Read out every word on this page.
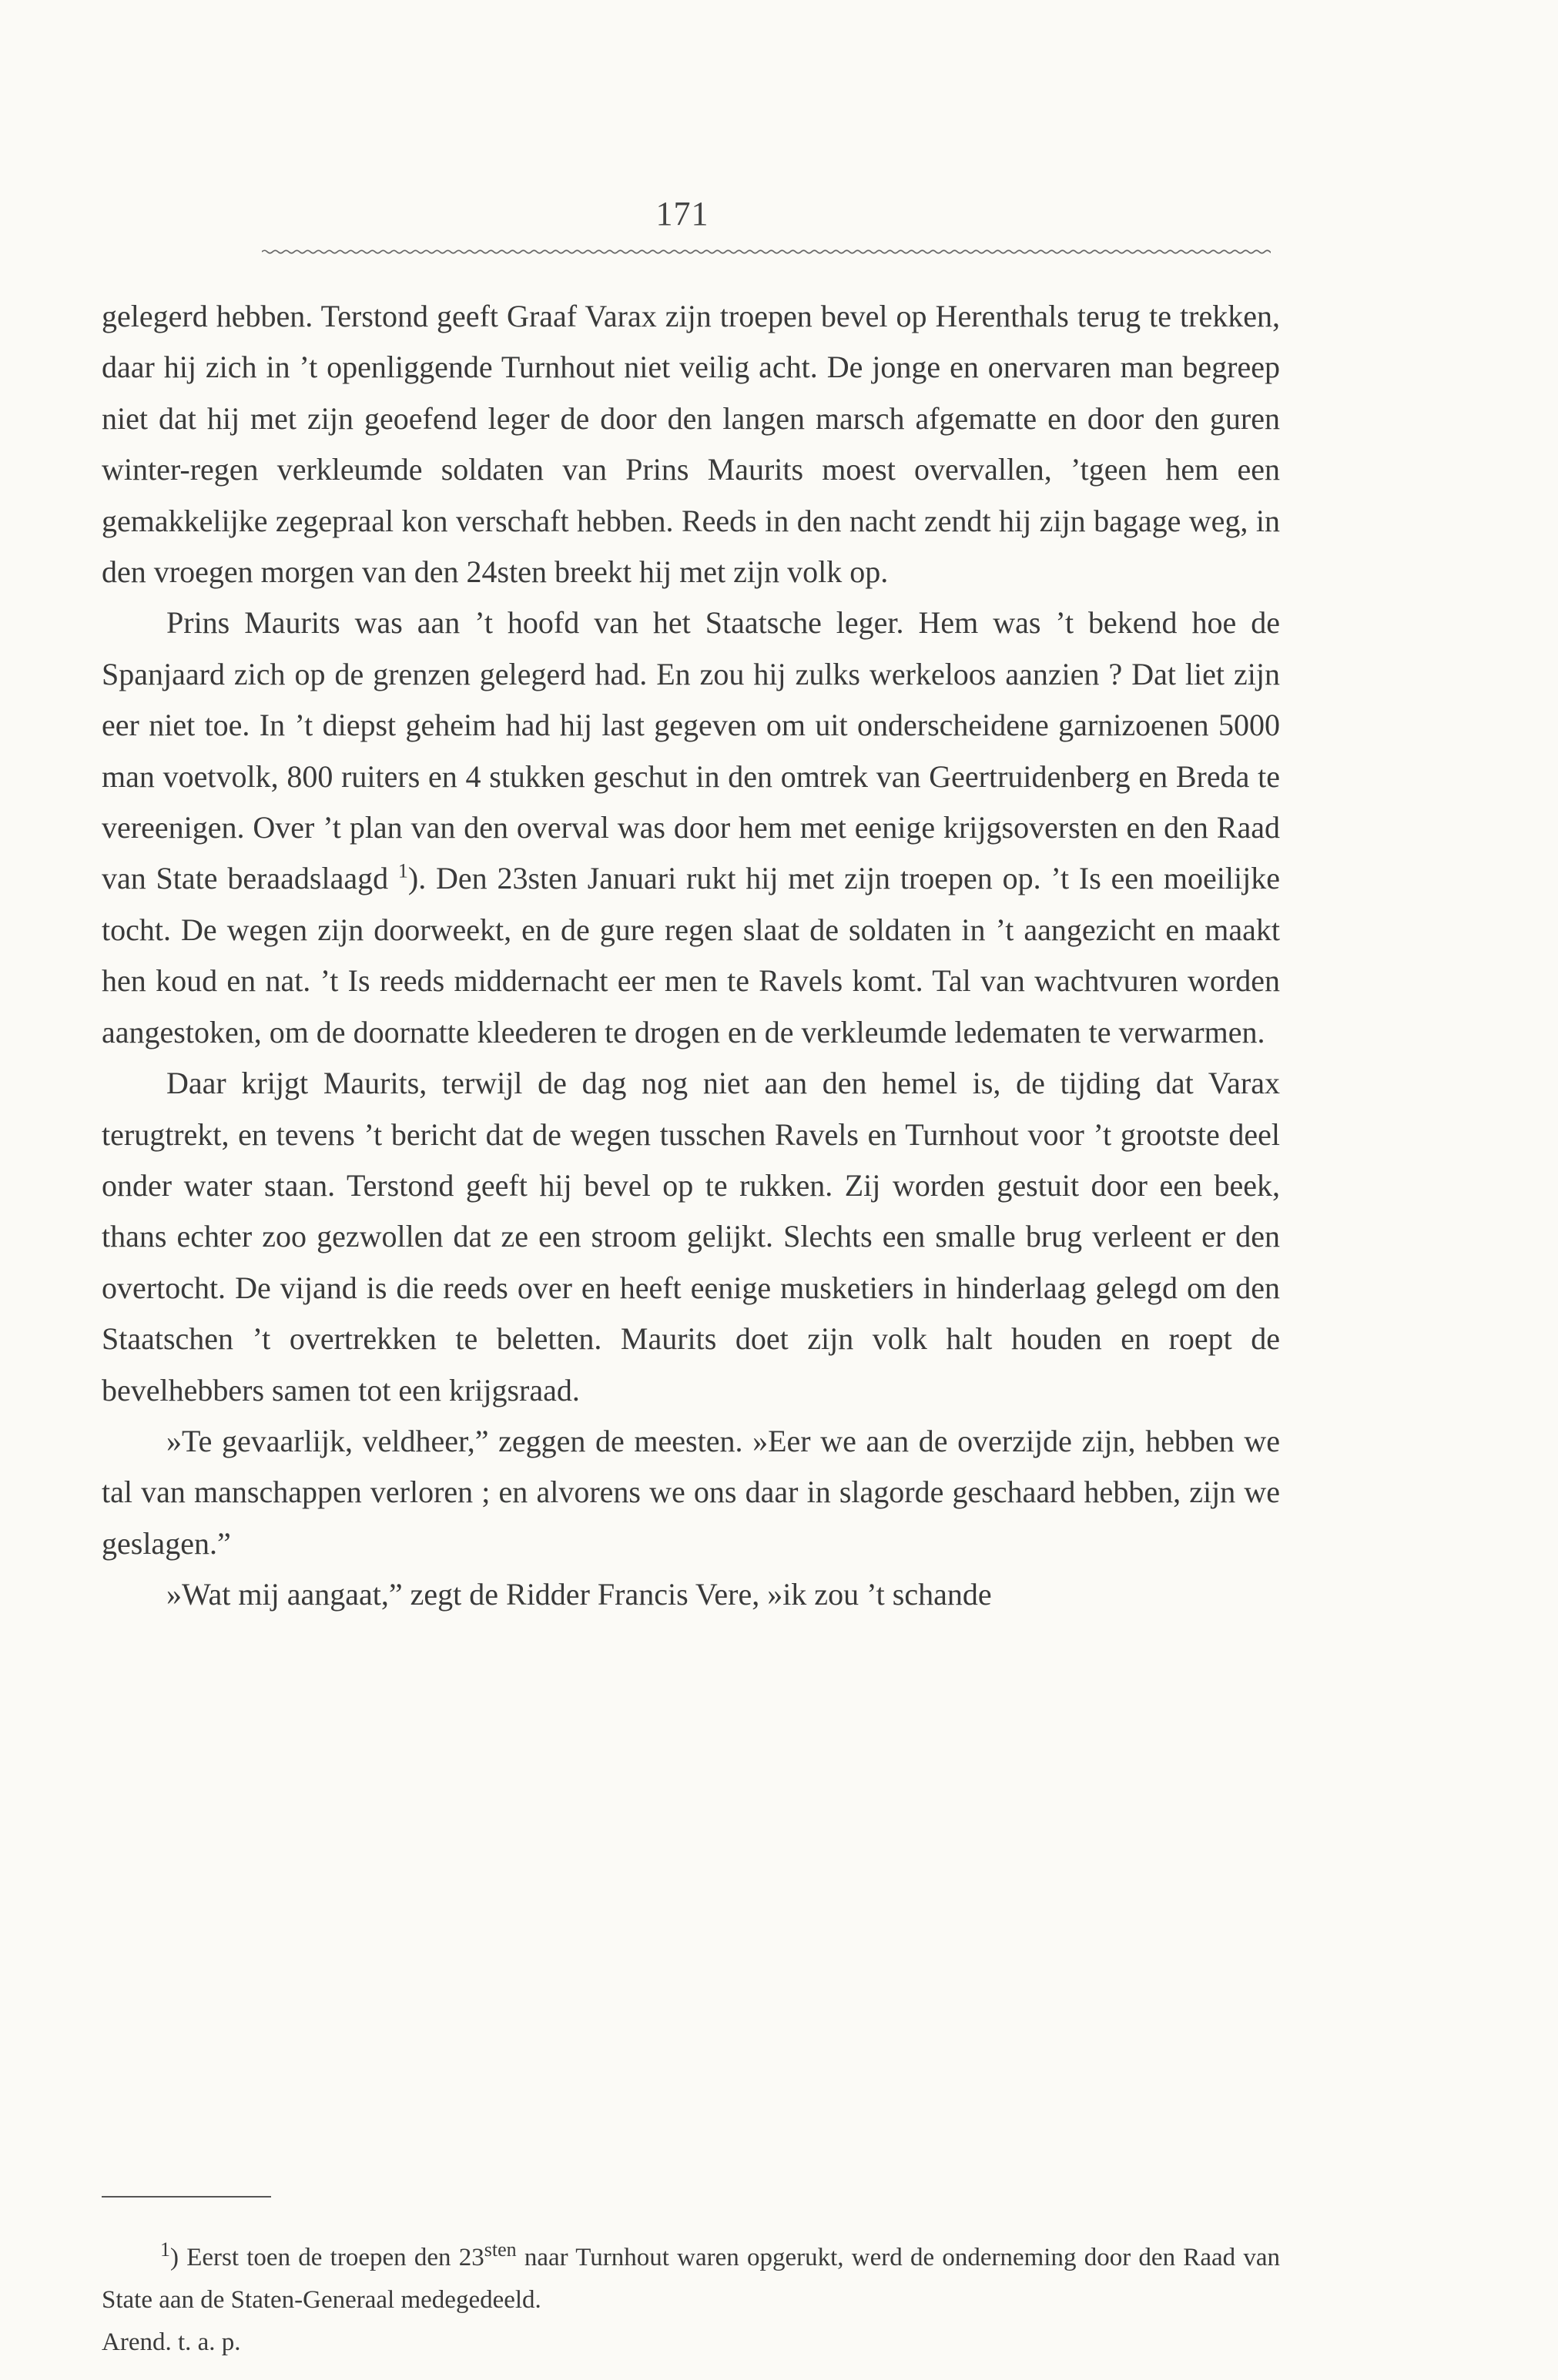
171

gelegerd hebben. Terstond geeft Graaf Varax zijn troepen bevel op Herenthals terug te trekken, daar hij zich in ’t openliggende Turnhout niet veilig acht. De jonge en onervaren man begreep niet dat hij met zijn geoefend leger de door den langen marsch afgematte en door den guren winter-regen verkleumde soldaten van Prins Maurits moest overvallen, ’tgeen hem een gemakkelijke zegepraal kon verschaft hebben. Reeds in den nacht zendt hij zijn bagage weg, in den vroegen morgen van den 24sten breekt hij met zijn volk op.

Prins Maurits was aan ’t hoofd van het Staatsche leger. Hem was ’t bekend hoe de Spanjaard zich op de grenzen gelegerd had. En zou hij zulks werkeloos aanzien ? Dat liet zijn eer niet toe. In ’t diepst geheim had hij last gegeven om uit onderscheidene garnizoenen 5000 man voetvolk, 800 ruiters en 4 stukken geschut in den omtrek van Geertruidenberg en Breda te vereenigen. Over ’t plan van den overval was door hem met eenige krijgsoversten en den Raad van State beraadslaagd $^1$). Den 23sten Januari rukt hij met zijn troepen op. ’t Is een moeilijke tocht. De wegen zijn doorweekt, en de gure regen slaat de soldaten in ’t aangezicht en maakt hen koud en nat. ’t Is reeds middernacht eer men te Ravels komt. Tal van wachtvuren worden aangestoken, om de doornatte kleederen te drogen en de verkleumde ledematen te verwarmen.

Daar krijgt Maurits, terwijl de dag nog niet aan den hemel is, de tijding dat Varax terugtrekt, en tevens ’t bericht dat de wegen tusschen Ravels en Turnhout voor ’t grootste deel onder water staan. Terstond geeft hij bevel op te rukken. Zij worden gestuit door een beek, thans echter zoo gezwollen dat ze een stroom gelijkt. Slechts een smalle brug verleent er den overtocht. De vijand is die reeds over en heeft eenige musketiers in hinderlaag gelegd om den Staatschen ’t overtrekken te beletten. Maurits doet zijn volk halt houden en roept de bevelhebbers samen tot een krijgsraad.

»Te gevaarlijk, veldheer,” zeggen de meesten. »Eer we aan de overzijde zijn, hebben we tal van manschappen verloren ; en alvorens we ons daar in slagorde geschaard hebben, zijn we geslagen.”

»Wat mij aangaat,” zegt de Ridder Francis Vere, »ik zou ’t schande

$^1$) Eerst toen de troepen den $23^{sten}$ naar Turnhout waren opgerukt, werd de onderneming door den Raad van State aan de Staten-Generaal medegedeeld.

Arend. t. a. p.
